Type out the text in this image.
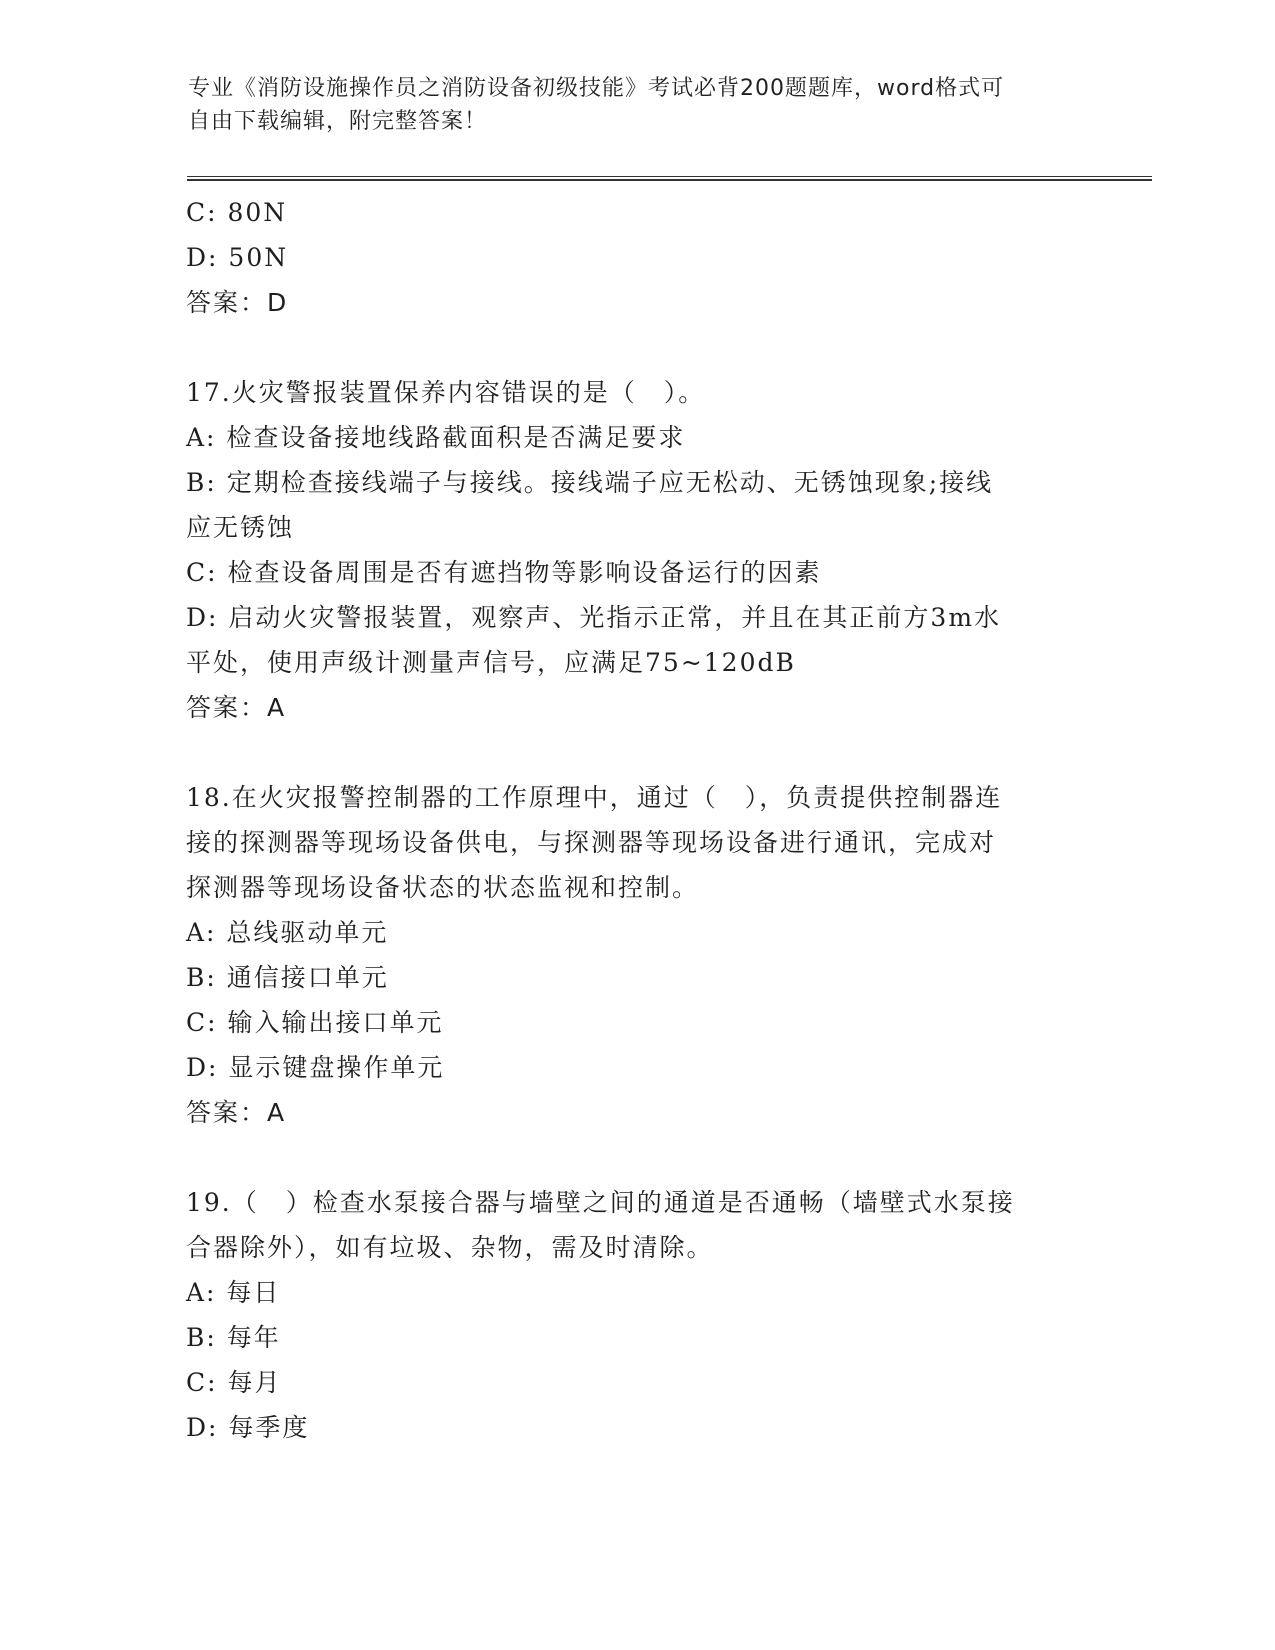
专业《消防设施操作员之消防设备初级技能》考试必背200题题库，word格式可
自由下载编辑，附完整答案！
C: 80N
D: 50N
答案：D
17.火灾警报装置保养内容错误的是（　）。
A: 检查设备接地线路截面积是否满足要求
B: 定期检查接线端子与接线。接线端子应无松动、无锈蚀现象;接线
应无锈蚀
C: 检查设备周围是否有遮挡物等影响设备运行的因素
D: 启动火灾警报装置，观察声、光指示正常，并且在其正前方3m水
平处，使用声级计测量声信号，应满足75~120dB
答案：A
18.在火灾报警控制器的工作原理中，通过（　），负责提供控制器连
接的探测器等现场设备供电，与探测器等现场设备进行通讯，完成对
探测器等现场设备状态的状态监视和控制。
A: 总线驱动单元
B: 通信接口单元
C: 输入输出接口单元
D: 显示键盘操作单元
答案：A
19.（　）检查水泵接合器与墙壁之间的通道是否通畅（墙壁式水泵接
合器除外），如有垃圾、杂物，需及时清除。
A: 每日
B: 每年
C: 每月
D: 每季度
